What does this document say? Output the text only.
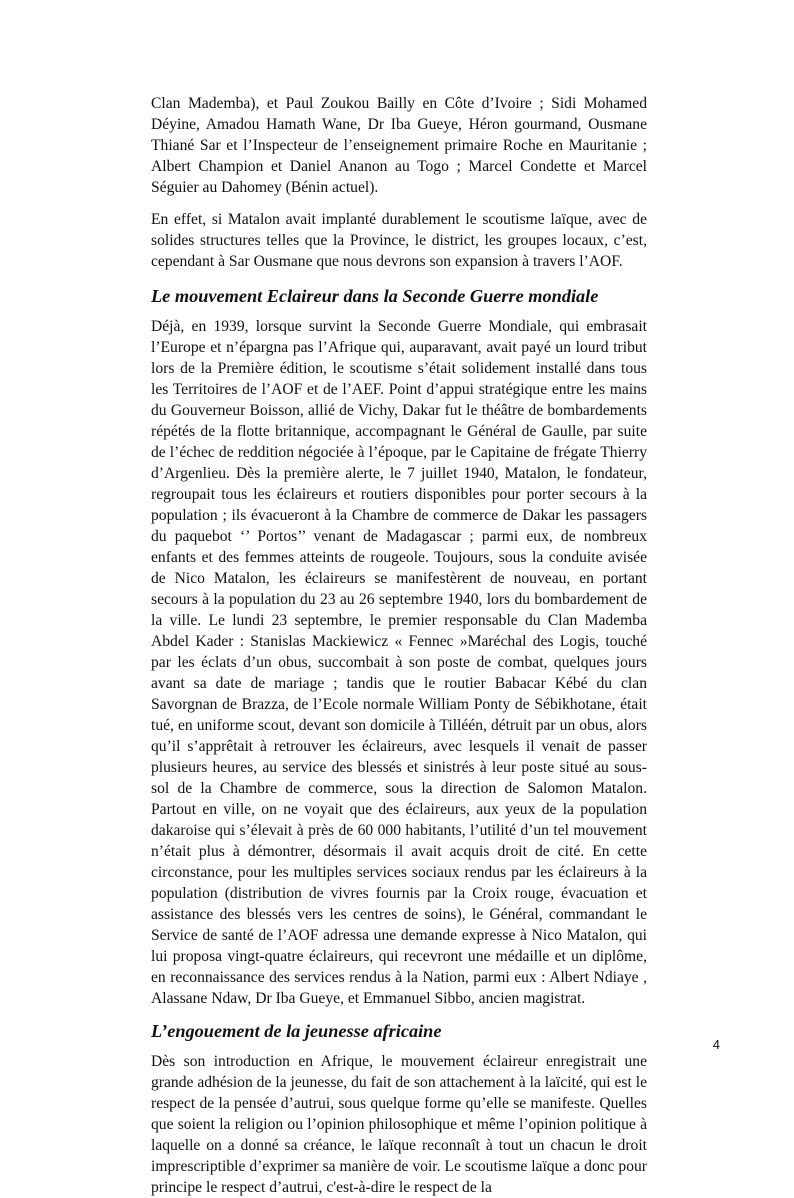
Clan Mademba), et Paul Zoukou Bailly en Côte d’Ivoire ; Sidi Mohamed Déyine, Amadou Hamath Wane, Dr Iba Gueye, Héron gourmand, Ousmane Thiané Sar et l’Inspecteur de l’enseignement primaire Roche en Mauritanie ; Albert Champion et Daniel Ananon au Togo ; Marcel Condette et Marcel Séguier au Dahomey (Bénin actuel).

En effet, si Matalon avait implanté durablement le scoutisme laïque, avec de solides structures telles que la Province, le district, les groupes locaux, c’est, cependant à Sar Ousmane que nous devrons son expansion à travers l’AOF.

Le mouvement Eclaireur dans la Seconde Guerre mondiale

Déjà, en 1939, lorsque survint la Seconde Guerre Mondiale, qui embrasait l’Europe et n’épargna pas l’Afrique qui, auparavant, avait payé un lourd tribut lors de la Première édition, le scoutisme s’était solidement installé dans tous les Territoires de l’AOF et de l’AEF. Point d’appui stratégique entre les mains du Gouverneur Boisson, allié de Vichy, Dakar fut le théâtre de bombardements répétés de la flotte britannique, accompagnant le Général de Gaulle, par suite de l’échec de reddition négociée à l’époque, par le Capitaine de frégate Thierry d’Argenlieu. Dès la première alerte, le 7 juillet 1940, Matalon, le fondateur, regroupait tous les éclaireurs et routiers disponibles pour porter secours à la population ; ils évacueront à la Chambre de commerce de Dakar les passagers du paquebot ‘’ Portos’’ venant de Madagascar ; parmi eux, de nombreux enfants et des femmes atteints de rougeole. Toujours, sous la conduite avisée de Nico Matalon, les éclaireurs se manifestèrent de nouveau, en portant secours à la population du 23 au 26 septembre 1940, lors du bombardement de la ville. Le lundi 23 septembre, le premier responsable du Clan Mademba Abdel Kader : Stanislas Mackiewicz « Fennec »Maréchal des Logis, touché par les éclats d’un obus, succombait à son poste de combat, quelques jours avant sa date de mariage ; tandis que le routier Babacar Kébé du clan Savorgnan de Brazza, de l’Ecole normale William Ponty de Sébikhotane, était tué, en uniforme scout, devant son domicile à Tilléén, détruit par un obus, alors qu’il s’apprêtait à retrouver les éclaireurs, avec lesquels il venait de passer plusieurs heures, au service des blessés et sinistrés à leur poste situé au sous-sol de la Chambre de commerce, sous la direction de Salomon Matalon. Partout en ville, on ne voyait que des éclaireurs, aux yeux de la population dakaroise qui s’élevait à près de 60 000 habitants, l’utilité d’un tel mouvement n’était plus à démontrer, désormais il avait acquis droit de cité. En cette circonstance, pour les multiples services sociaux rendus par les éclaireurs à la population (distribution de vivres fournis par la Croix rouge, évacuation et assistance des blessés vers les centres de soins), le Général, commandant le Service de santé de l’AOF adressa une demande expresse à Nico Matalon, qui lui proposa vingt-quatre éclaireurs, qui recevront une médaille et un diplôme, en reconnaissance des services rendus à la Nation, parmi eux : Albert Ndiaye , Alassane Ndaw, Dr Iba Gueye, et Emmanuel Sibbo, ancien magistrat.

L’engouement de la jeunesse africaine

Dès son introduction en Afrique, le mouvement éclaireur enregistrait une grande adhésion de la jeunesse, du fait de son attachement à la laïcité, qui est le respect de la pensée d’autrui, sous quelque forme qu’elle se manifeste. Quelles que soient la religion ou l’opinion philosophique et même l’opinion politique à laquelle on a donné sa créance, le laïque reconnaît à tout un chacun le droit imprescriptible d’exprimer sa manière de voir. Le scoutisme laïque a donc pour principe le respect d’autrui, c'est-à-dire le respect de la

4
